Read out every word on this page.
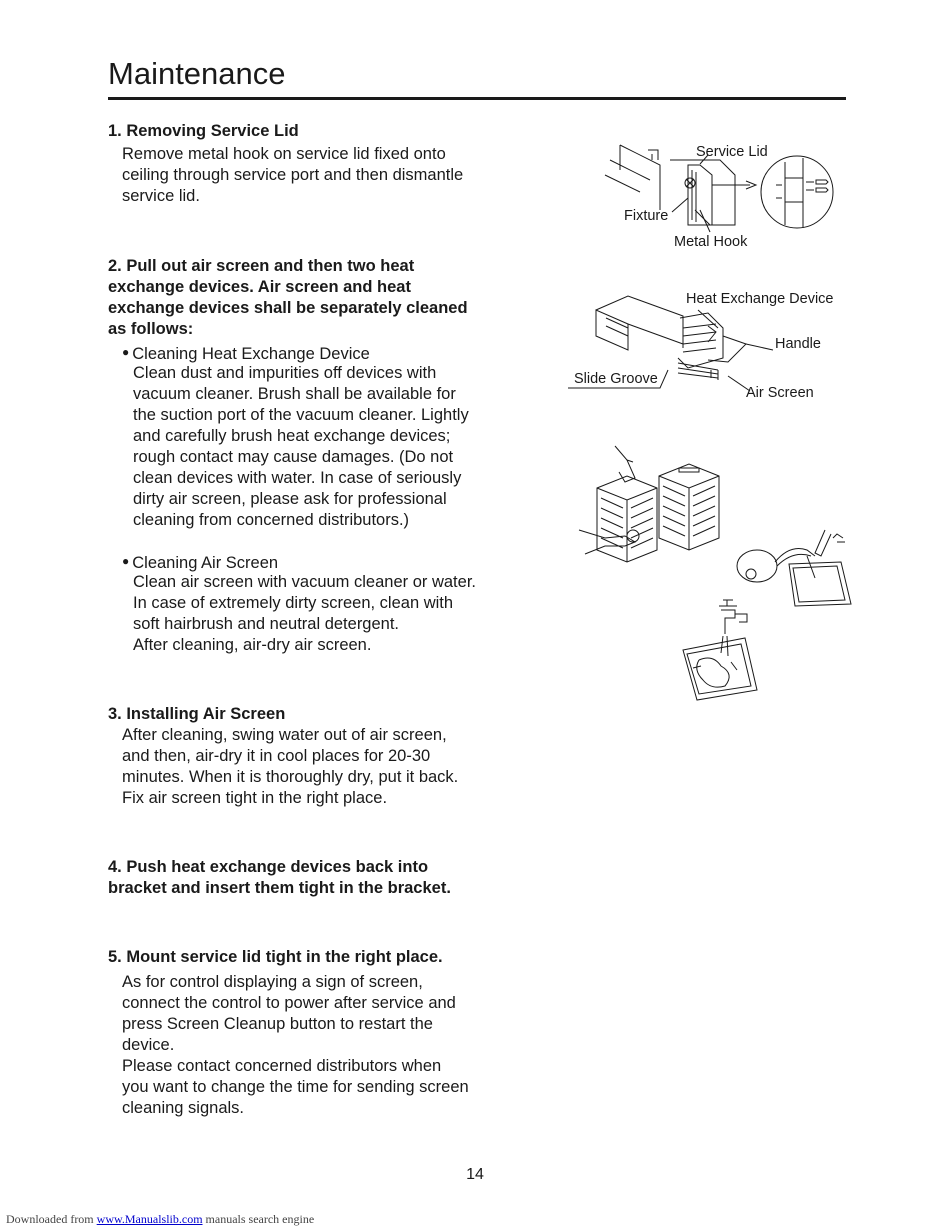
Maintenance
1. Removing Service Lid
Remove metal hook on service lid fixed onto
ceiling through service port and then dismantle
service lid.
2. Pull out air screen and then two heat
exchange devices. Air screen and heat
exchange devices shall be separately cleaned
as follows:
● Cleaning Heat Exchange Device
Clean dust and impurities off devices with
vacuum cleaner. Brush shall be available for
the suction port of the vacuum cleaner. Lightly
and carefully brush heat exchange devices;
rough contact may cause damages. (Do not
clean devices with water. In case of seriously
dirty air screen, please ask for professional
cleaning from concerned distributors.)
● Cleaning Air Screen
Clean air screen with vacuum cleaner or water.
In case of extremely dirty screen, clean with
soft hairbrush and neutral detergent.
After cleaning, air-dry air screen.
3. Installing Air Screen
After cleaning, swing water out of air screen,
and then, air-dry it in cool places for 20-30
minutes. When it is thoroughly dry, put it back.
Fix air screen tight in the right place.
4. Push heat exchange devices back into
bracket and insert them tight in the bracket.
5. Mount service lid tight in the right place.
As for control displaying a sign of screen,
connect the control to power after service and
press Screen Cleanup button to restart the
device.
Please contact concerned distributors when
you want to change the time for sending screen
cleaning signals.
Service Lid
Fixture
Metal Hook
Heat Exchange Device
Handle
Slide Groove
Air Screen
14
Downloaded from www.Manualslib.com manuals search engine
